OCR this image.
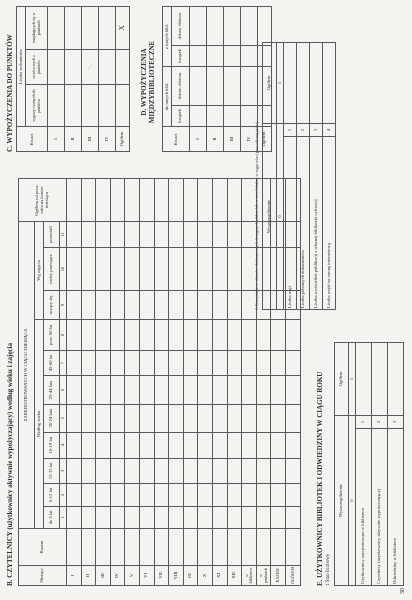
30
B. CZYTELNICY (użytkownicy aktywnie wypożyczający) według wieku i zajęcia	Miesiące	Razem	ZAREJESTROWANYCH W CIĄGU MIESIĄCA											Ogółem od pocz. roku na koniec miesiąca
		Według wieku								Wg zajęcia			
		do 5 lat	6-12 lat	13-15 lat	16-19 lat	20-24 lata	25-44 lata	45-60 lat	pow. 60 lat	uczący się	osoby pracujące	pozostali	
		1	2	3	4	5	6	7	8	9	10	11	
I													
II													
III													
IV													
V													
VI													
VII													
VIII													
IX													
X													
XI													
XII													
w bibliotece													
w punktach													
RAZEM													
OGÓŁEM														E. UŻYTKOWNICY BIBLIOTEK I ODWIEDZINY W CIĄGU ROKU 1 Stan liczbowy
Wyszczególnienie		Ogółem
0		1
Użytkownicy zarejestrowani w bibliotece	1	
Czytelnicy (użytkownicy aktywnie wypożyczający)	2	
Odwiedziny w bibliotece	3	
1. Korzystanie ze zbiorów elektronicznych dostępnych zdalnie lub w sieci lokalnej w ciągu roku (prowadzonej przez) Wyszczególnienie		Ogółem
0		1
Liczba sesji	1	
Liczba pobranych dokumentów	2	
Liczba wyświetleń publikacji z własnej biblioteki cyfrowej	3	
Liczba wejść na stronę internetową	4	
C. WYPOŻYCZENIA DO PUNKTÓW	Kwart.	Liczba woluminów		
	wypoży-czonych do punktów	zwróco-nych z punktów	znajdujących się w punktach
I			
II			
III		' ,	
IV			
Ogółem			X
D. WYPOŻYCZENIA MIĘDZYBIBLIOTECZNE
Kwart.	do innych bibl.		z innych bibl.	
	książek	dokum. elektron.	książek	dokum. elektron.
I				
II				
III				
IV				
Ogółem				
